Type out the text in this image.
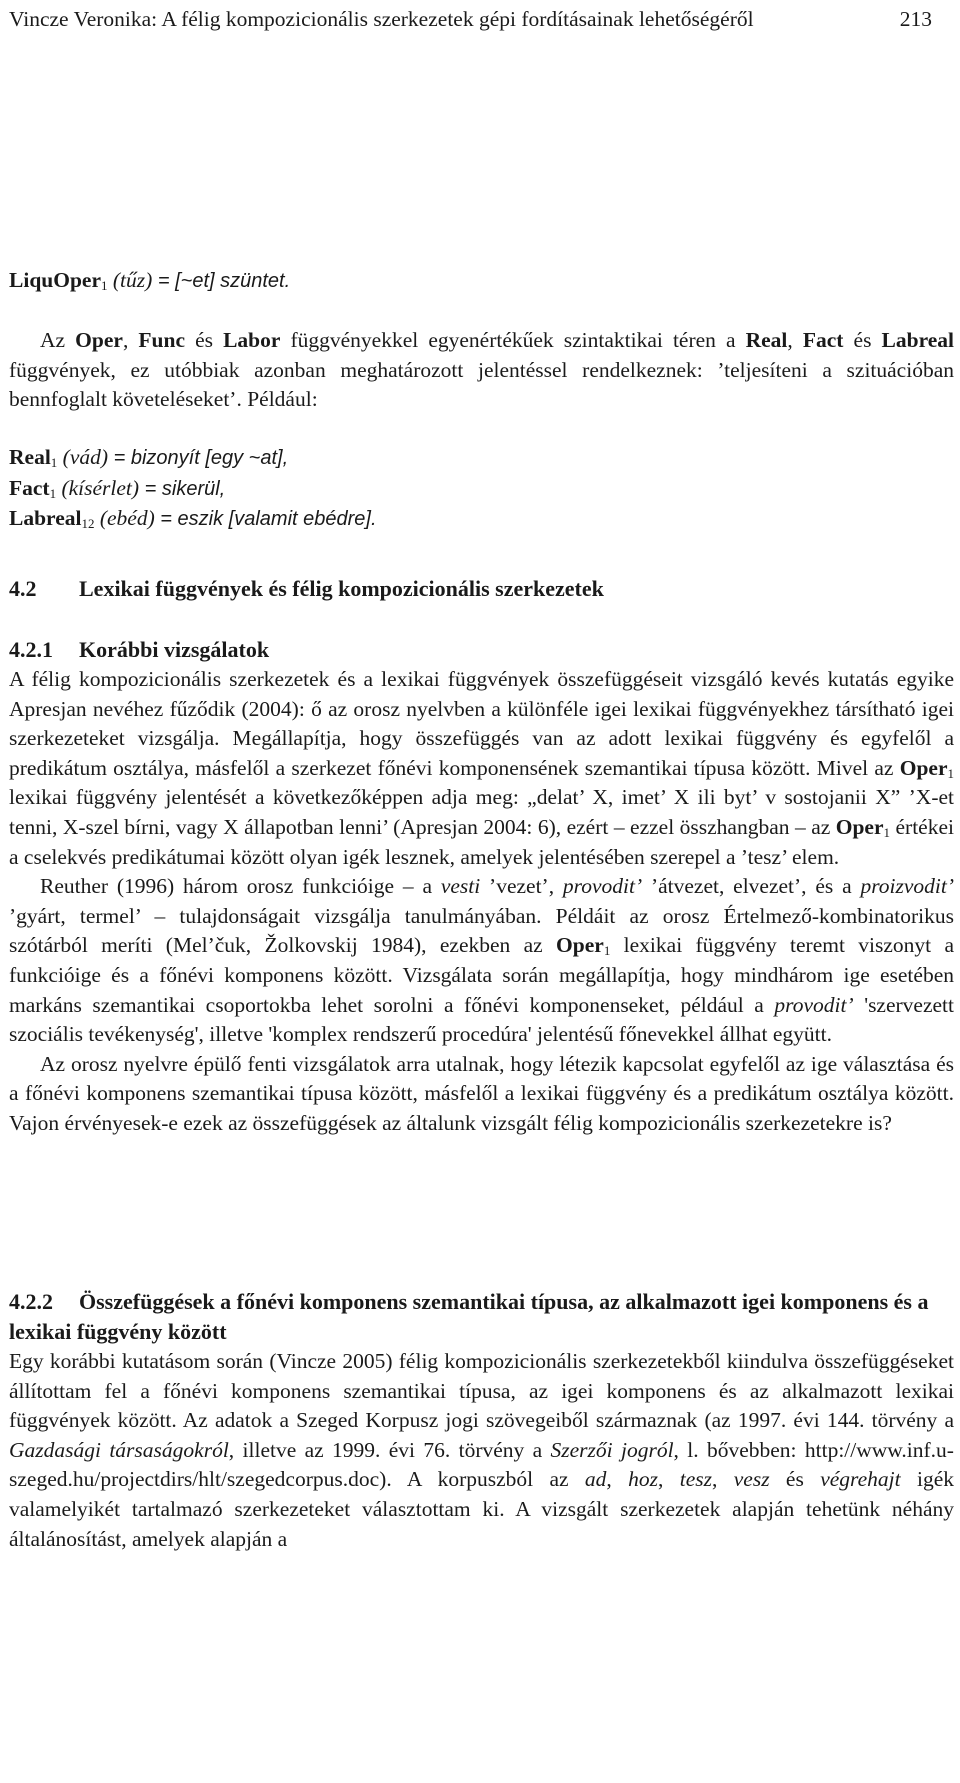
Vincze Veronika: A félig kompozicionális szerkezetek gépi fordításainak lehetőségéről	213
LiquOper$_1$ (tűz) = [~et] szüntet.

Az Oper, Func és Labor függvényekkel egyenértékűek szintaktikai téren a Real, Fact és Labreal függvények, ez utóbbiak azonban meghatározott jelentéssel rendelkeznek: ’teljesíteni a szituációban bennfoglalt követeléseket’. Például:

Real$_1$ (vád) = bizonyít [egy ~at],

Fact$_1$ (kísérlet) = sikerül,

Labreal$_{12}$ (ebéd) = eszik [valamit ebédre].

4.2 Lexikai függvények és félig kompozicionális szerkezetek

4.2.1 Korábbi vizsgálatok

A félig kompozicionális szerkezetek és a lexikai függvények összefüggéseit vizsgáló kevés kutatás egyike Apresjan nevéhez fűződik (2004): ő az orosz nyelvben a különféle igei lexikai függvényekhez társítható igei szerkezeteket vizsgálja. Megállapítja, hogy összefüggés van az adott lexikai függvény és egyfelől a predikátum osztálya, másfelől a szerkezet főnévi komponensének szemantikai típusa között. Mivel az Oper$_1$ lexikai függvény jelentését a következőképpen adja meg: „delat’ X, imet’ X ili byt’ v sostojanii X” ’X-et tenni, X-szel bírni, vagy X állapotban lenni’ (Apresjan 2004: 6), ezért – ezzel összhangban – az Oper$_1$ értékei a cselekvés predikátumai között olyan igék lesznek, amelyek jelentésében szerepel a ’tesz’ elem.

Reuther (1996) három orosz funkcióige – a vesti ’vezet’, provodit’ ’átvezet, elvezet’, és a proizvodit’ ’gyárt, termel’ – tulajdonságait vizsgálja tanulmányában. Példáit az orosz Értelmező-kombinatorikus szótárból meríti (Mel’čuk, Žolkovskij 1984), ezekben az Oper$_1$ lexikai függvény teremt viszonyt a funkcióige és a főnévi komponens között. Vizsgálata során megállapítja, hogy mindhárom ige esetében markáns szemantikai csoportokba lehet sorolni a főnévi komponenseket, például a provodit’ 'szervezett szociális tevékenység', illetve 'komplex rendszerű procedúra' jelentésű főnevekkel állhat együtt.

Az orosz nyelvre épülő fenti vizsgálatok arra utalnak, hogy létezik kapcsolat egyfelől az ige választása és a főnévi komponens szemantikai típusa között, másfelől a lexikai függvény és a predikátum osztálya között. Vajon érvényesek-e ezek az összefüggések az általunk vizsgált félig kompozicionális szerkezetekre is?

4.2.2 Összefüggések a főnévi komponens szemantikai típusa, az alkalmazott igei komponens és a lexikai függvény között

Egy korábbi kutatásom során (Vincze 2005) félig kompozicionális szerkezetekből kiindulva összefüggéseket állítottam fel a főnévi komponens szemantikai típusa, az igei komponens és az alkalmazott lexikai függvények között. Az adatok a Szeged Korpusz jogi szövegeiből származnak (az 1997. évi 144. törvény a Gazdasági társaságokról, illetve az 1999. évi 76. törvény a Szerzői jogról, l. bővebben: http://www.inf.u-szeged.hu/projectdirs/hlt/szegedcorpus.doc). A korpuszból az ad, hoz, tesz, vesz és végrehajt igék valamelyikét tartalmazó szerkezeteket választottam ki. A vizsgált szerkezetek alapján tehetünk néhány általánosítást, amelyek alapján a
